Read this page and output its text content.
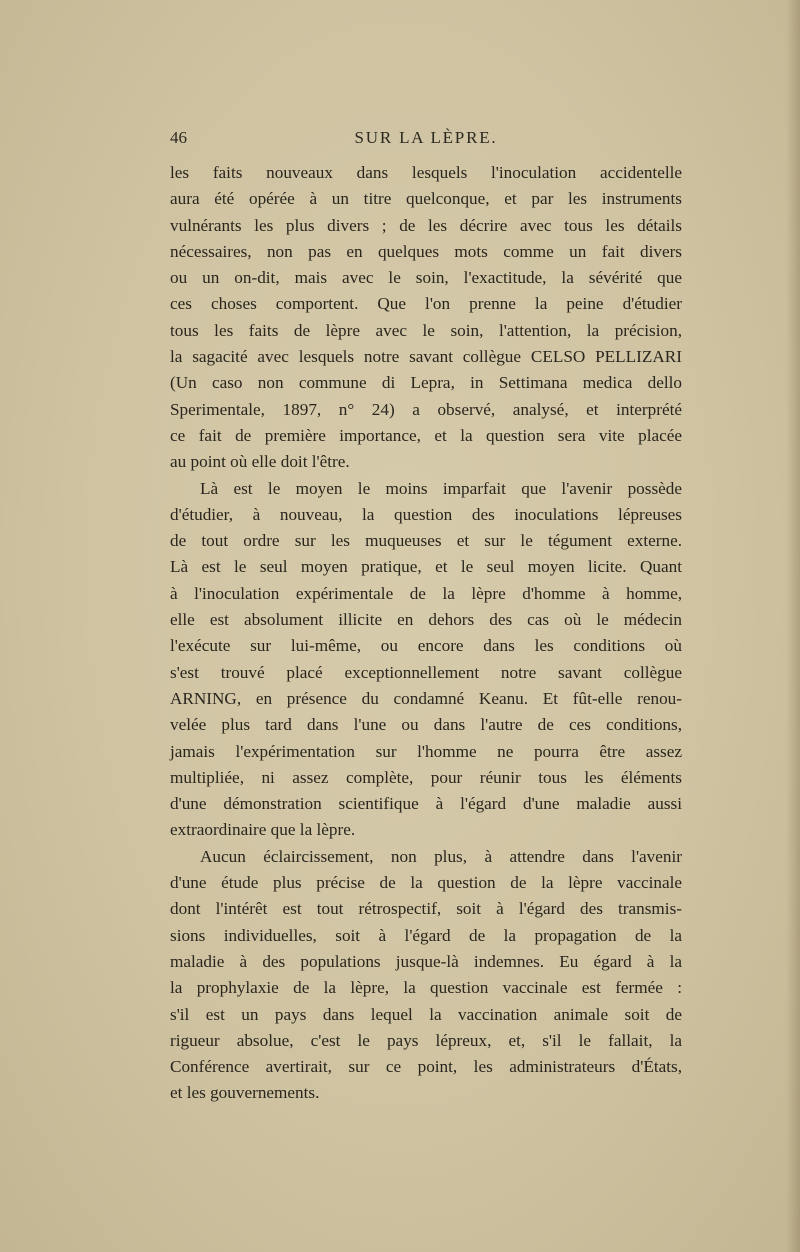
46	SUR LA LÈPRE.
les faits nouveaux dans lesquels l'inoculation accidentelle
aura été opérée à un titre quelconque, et par les instruments
vulnérants les plus divers ; de les décrire avec tous les détails
nécessaires, non pas en quelques mots comme un fait divers
ou un on-dit, mais avec le soin, l'exactitude, la sévérité que
ces choses comportent. Que l'on prenne la peine d'étudier
tous les faits de lèpre avec le soin, l'attention, la précision,
la sagacité avec lesquels notre savant collègue CELSO PELLIZARI
(Un caso non commune di Lepra, in Settimana medica dello
Sperimentale, 1897, n° 24) a observé, analysé, et interprété
ce fait de première importance, et la question sera vite placée
au point où elle doit l'être.
Là est le moyen le moins imparfait que l'avenir possède
d'étudier, à nouveau, la question des inoculations lépreuses
de tout ordre sur les muqueuses et sur le tégument externe.
Là est le seul moyen pratique, et le seul moyen licite. Quant
à l'inoculation expérimentale de la lèpre d'homme à homme,
elle est absolument illicite en dehors des cas où le médecin
l'exécute sur lui-même, ou encore dans les conditions où
s'est trouvé placé exceptionnellement notre savant collègue
ARNING, en présence du condamné Keanu. Et fût-elle renou-
velée plus tard dans l'une ou dans l'autre de ces conditions,
jamais l'expérimentation sur l'homme ne pourra être assez
multipliée, ni assez complète, pour réunir tous les éléments
d'une démonstration scientifique à l'égard d'une maladie aussi
extraordinaire que la lèpre.
Aucun éclaircissement, non plus, à attendre dans l'avenir
d'une étude plus précise de la question de la lèpre vaccinale
dont l'intérêt est tout rétrospectif, soit à l'égard des transmis-
sions individuelles, soit à l'égard de la propagation de la
maladie à des populations jusque-là indemnes. Eu égard à la
la prophylaxie de la lèpre, la question vaccinale est fermée :
s'il est un pays dans lequel la vaccination animale soit de
rigueur absolue, c'est le pays lépreux, et, s'il le fallait, la
Conférence avertirait, sur ce point, les administrateurs d'États,
et les gouvernements.
